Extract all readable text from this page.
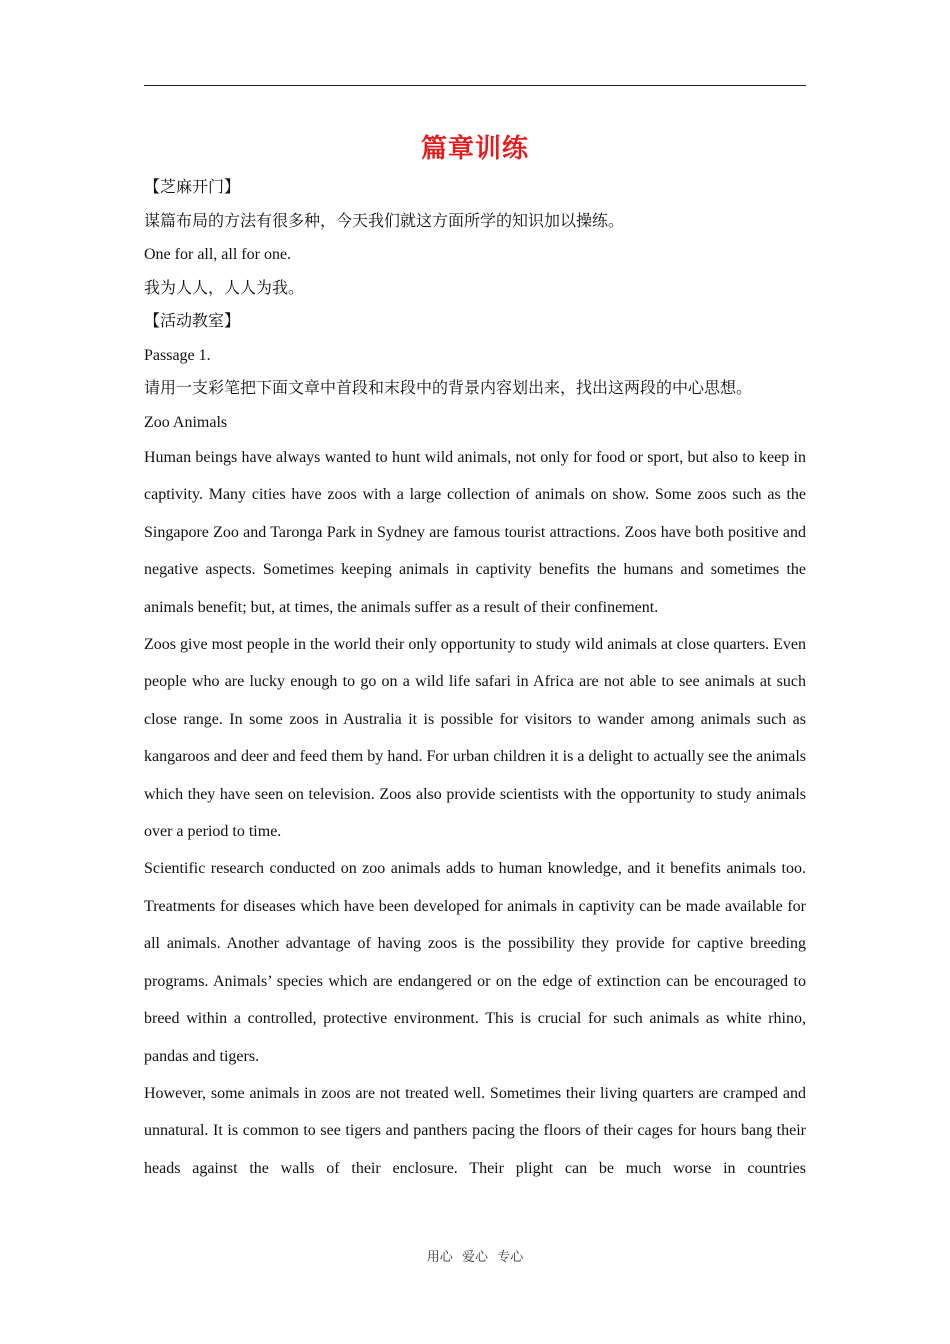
篇章训练

【芝麻开门】

谋篇布局的方法有很多种，今天我们就这方面所学的知识加以操练。

One for all, all for one.

我为人人，人人为我。

【活动教室】

Passage 1.

请用一支彩笔把下面文章中首段和末段中的背景内容划出来，找出这两段的中心思想。

Zoo Animals

Human beings have always wanted to hunt wild animals, not only for food or sport, but also to keep in captivity. Many cities have zoos with a large collection of animals on show. Some zoos such as the Singapore Zoo and Taronga Park in Sydney are famous tourist attractions. Zoos have both positive and negative aspects. Sometimes keeping animals in captivity benefits the humans and sometimes the animals benefit; but, at times, the animals suffer as a result of their confinement.

Zoos give most people in the world their only opportunity to study wild animals at close quarters. Even people who are lucky enough to go on a wild life safari in Africa are not able to see animals at such close range. In some zoos in Australia it is possible for visitors to wander among animals such as kangaroos and deer and feed them by hand. For urban children it is a delight to actually see the animals which they have seen on television. Zoos also provide scientists with the opportunity to study animals over a period to time.

Scientific research conducted on zoo animals adds to human knowledge, and it benefits animals too. Treatments for diseases which have been developed for animals in captivity can be made available for all animals. Another advantage of having zoos is the possibility they provide for captive breeding programs. Animals’ species which are endangered or on the edge of extinction can be encouraged to breed within a controlled, protective environment. This is crucial for such animals as white rhino, pandas and tigers.

However, some animals in zoos are not treated well. Sometimes their living quarters are cramped and unnatural. It is common to see tigers and panthers pacing the floors of their cages for hours bang their heads against the walls of their enclosure. Their plight can be much worse in countries

用心 爱心 专心
